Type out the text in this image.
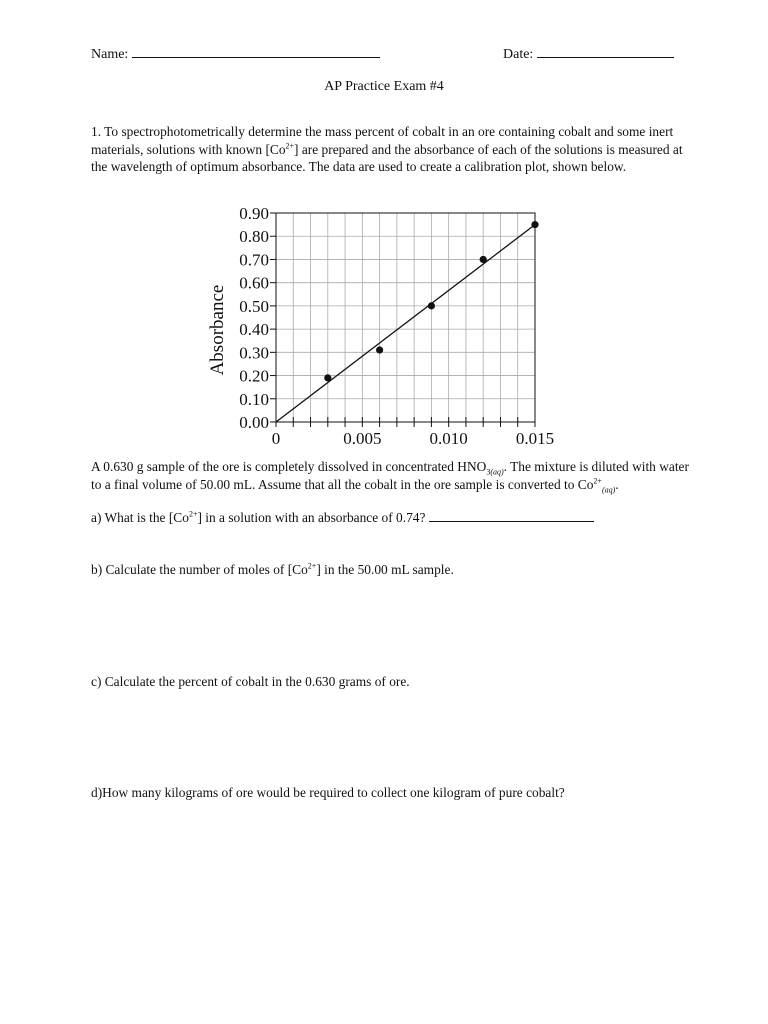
Name:	Date:
AP Practice Exam #4
1. To spectrophotometrically determine the mass percent of cobalt in an ore containing cobalt and some inert materials, solutions with known $[Co^{2+}]$ are prepared and the absorbance of each of the solutions is measured at the wavelength of optimum absorbance. The data are used to create a calibration plot, shown below.
0.00
0.10
0.20
0.30
0.40
0.50
0.60
0.70
0.80
0.90
0	0.005	0.010	0.015
Absorbance
A 0.630 g sample of the ore is completely dissolved in concentrated $HNO_{3(aq)}$. The mixture is diluted with water to a final volume of 50.00 mL. Assume that all the cobalt in the ore sample is converted to $Co^{2+}_{(aq)}$.
a) What is the $[Co^{2+}]$ in a solution with an absorbance of 0.74?
b) Calculate the number of moles of $[Co^{2+}]$ in the 50.00 mL sample.
c) Calculate the percent of cobalt in the 0.630 grams of ore.
d)How many kilograms of ore would be required to collect one kilogram of pure cobalt?
